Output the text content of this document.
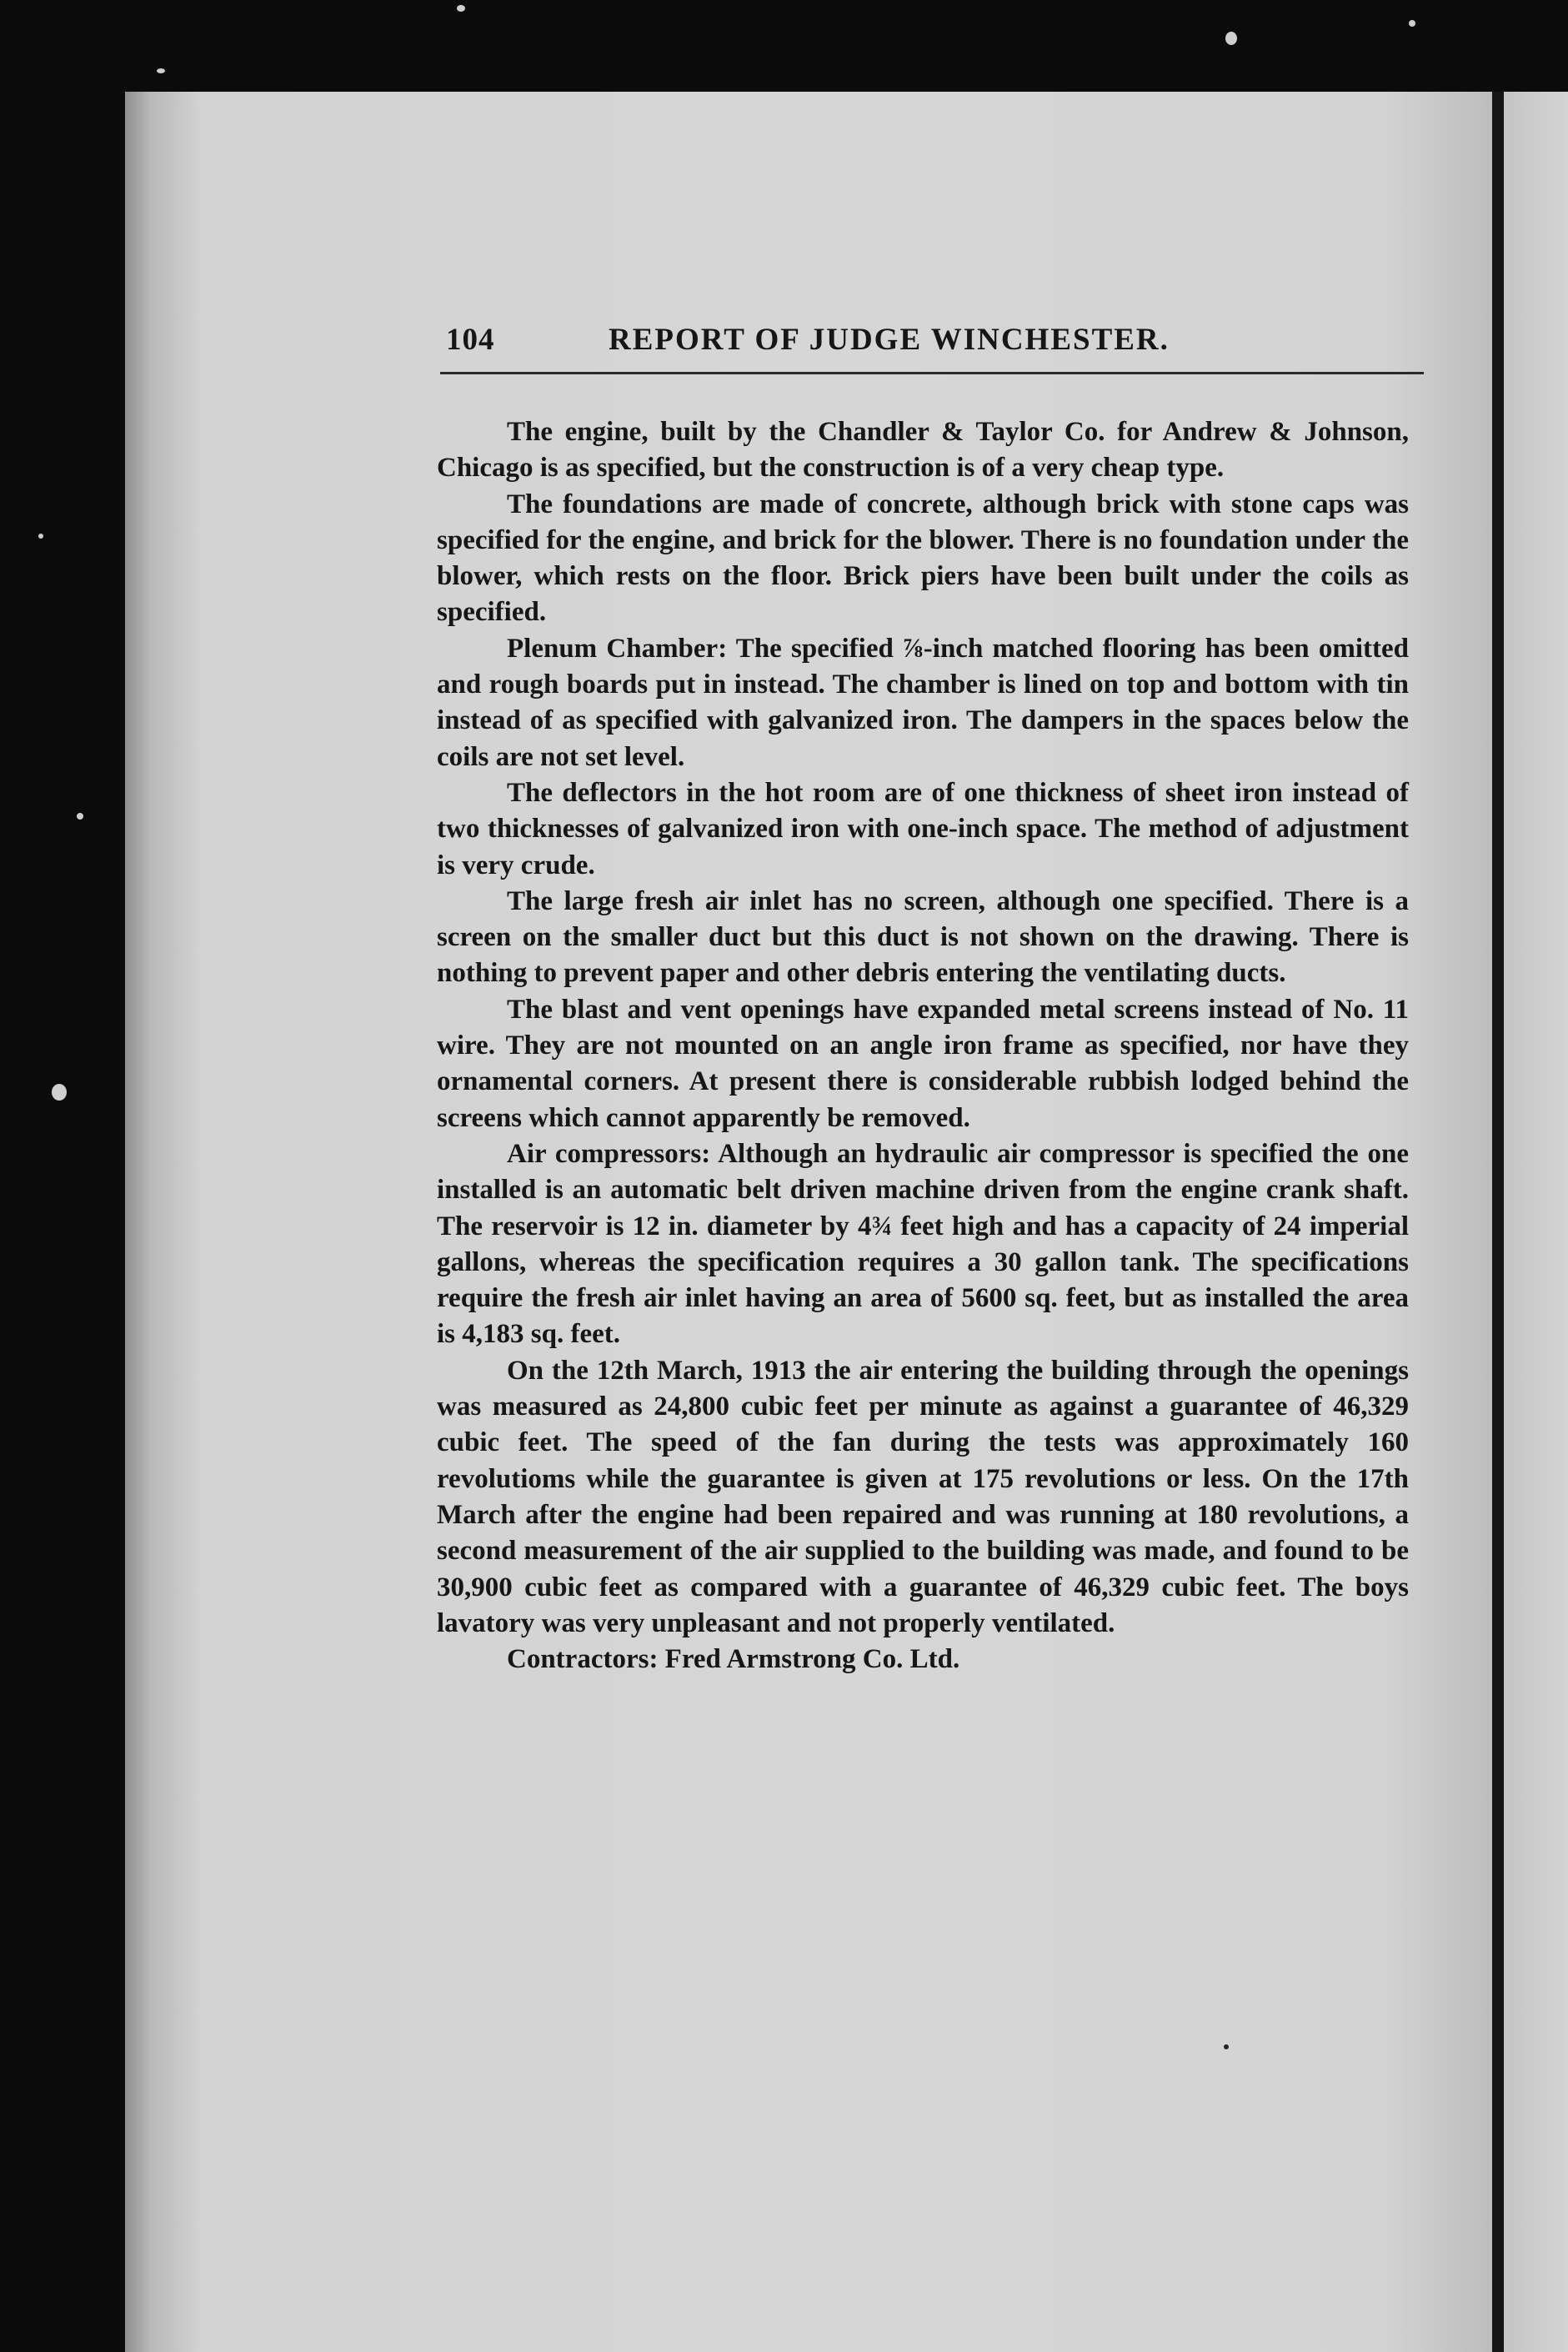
104	REPORT OF JUDGE WINCHESTER.

The engine, built by the Chandler & Taylor Co. for Andrew & Johnson, Chicago is as specified, but the construction is of a very cheap type.

The foundations are made of concrete, although brick with stone caps was specified for the engine, and brick for the blower. There is no foundation under the blower, which rests on the floor. Brick piers have been built under the coils as specified.

Plenum Chamber: The specified ⅞-inch matched flooring has been omitted and rough boards put in instead. The chamber is lined on top and bottom with tin instead of as specified with galvanized iron. The dampers in the spaces below the coils are not set level.

The deflectors in the hot room are of one thickness of sheet iron instead of two thicknesses of galvanized iron with one-inch space. The method of adjustment is very crude.

The large fresh air inlet has no screen, although one specified. There is a screen on the smaller duct but this duct is not shown on the drawing. There is nothing to prevent paper and other debris entering the ventilating ducts.

The blast and vent openings have expanded metal screens instead of No. 11 wire. They are not mounted on an angle iron frame as specified, nor have they ornamental corners. At present there is considerable rubbish lodged behind the screens which cannot apparently be removed.

Air compressors: Although an hydraulic air compressor is specified the one installed is an automatic belt driven machine driven from the engine crank shaft. The reservoir is 12 in. diameter by 4¾ feet high and has a capacity of 24 imperial gallons, whereas the specification requires a 30 gallon tank. The specifications require the fresh air inlet having an area of 5600 sq. feet, but as installed the area is 4,183 sq. feet.

On the 12th March, 1913 the air entering the building through the openings was measured as 24,800 cubic feet per minute as against a guarantee of 46,329 cubic feet. The speed of the fan during the tests was approximately 160 revolutioms while the guarantee is given at 175 revolutions or less. On the 17th March after the engine had been repaired and was running at 180 revolutions, a second measurement of the air supplied to the building was made, and found to be 30,900 cubic feet as compared with a guarantee of 46,329 cubic feet. The boys lavatory was very unpleasant and not properly ventilated.

Contractors: Fred Armstrong Co. Ltd.
